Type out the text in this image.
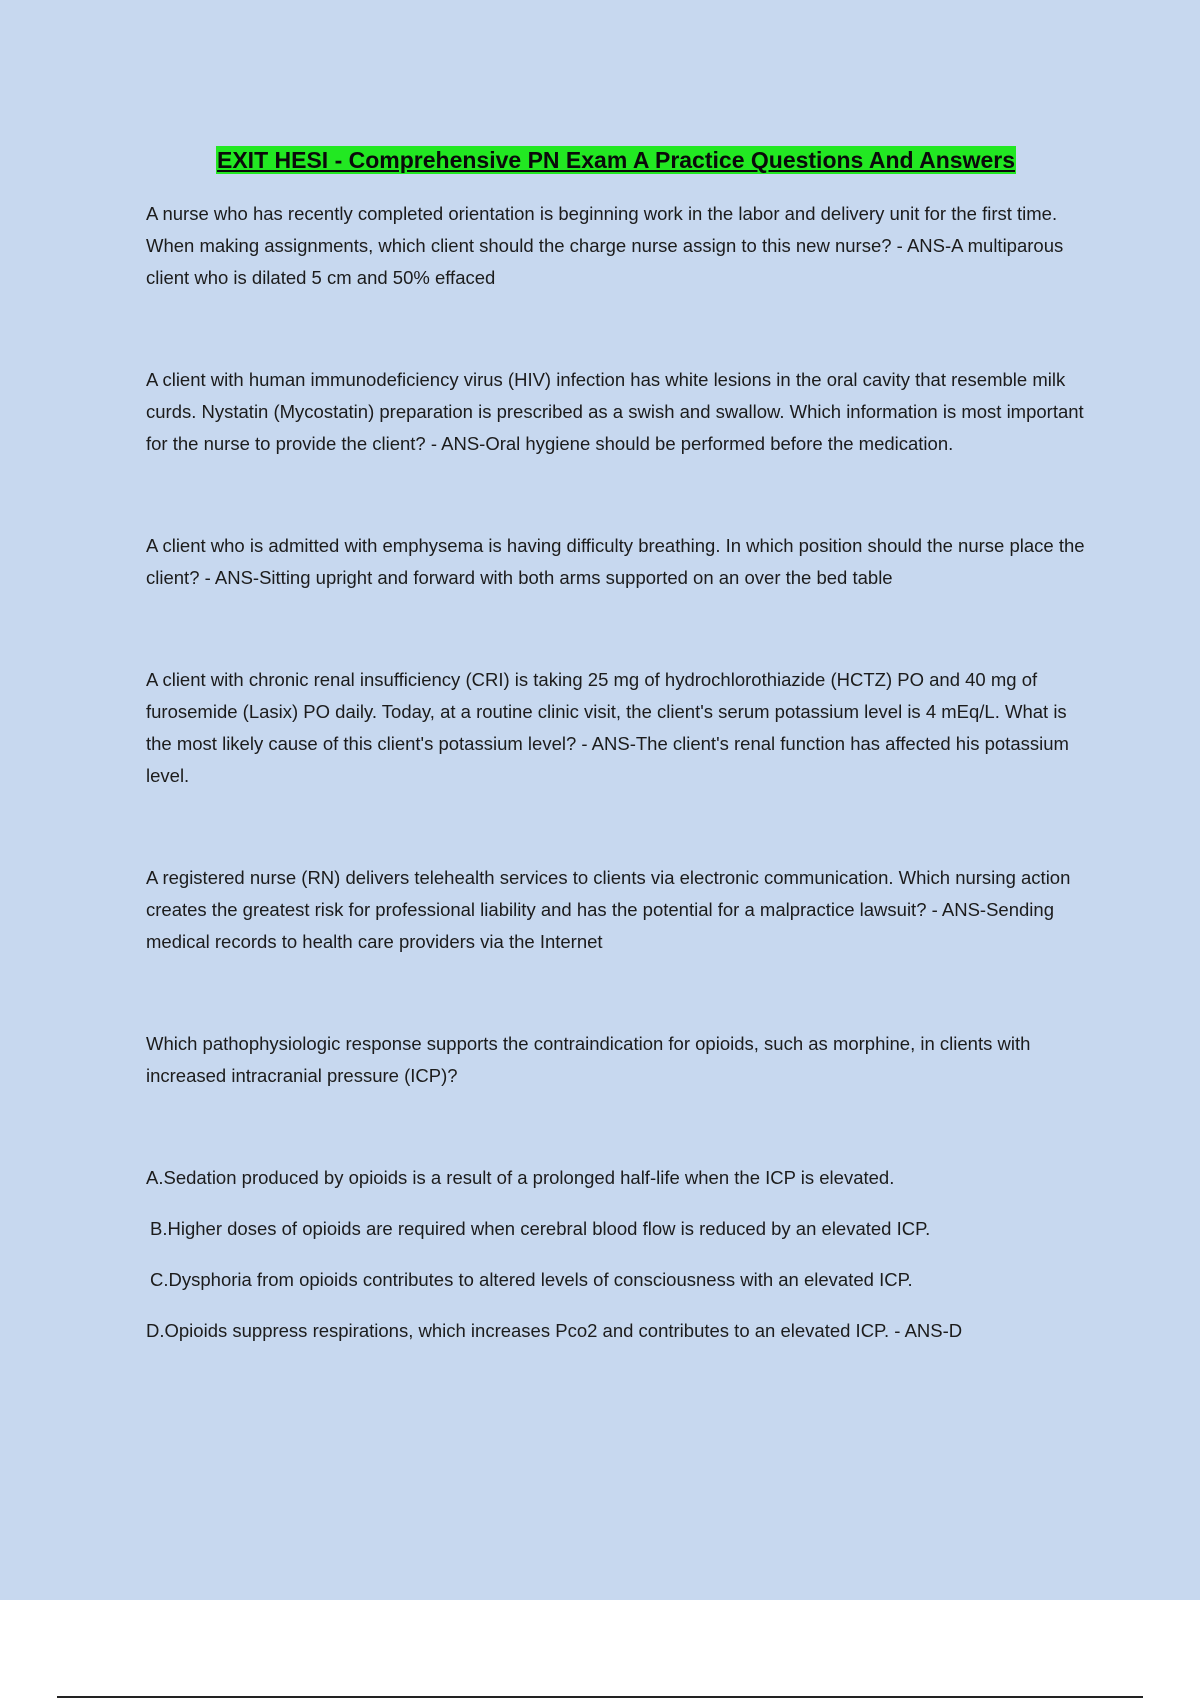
EXIT HESI - Comprehensive PN Exam A Practice Questions And Answers

A nurse who has recently completed orientation is beginning work in the labor and delivery unit for the first time. When making assignments, which client should the charge nurse assign to this new nurse? - ANS-A multiparous client who is dilated 5 cm and 50% effaced

A client with human immunodeficiency virus (HIV) infection has white lesions in the oral cavity that resemble milk curds. Nystatin (Mycostatin) preparation is prescribed as a swish and swallow. Which information is most important for the nurse to provide the client? - ANS-Oral hygiene should be performed before the medication.

A client who is admitted with emphysema is having difficulty breathing. In which position should the nurse place the client? - ANS-Sitting upright and forward with both arms supported on an over the bed table

A client with chronic renal insufficiency (CRI) is taking 25 mg of hydrochlorothiazide (HCTZ) PO and 40 mg of furosemide (Lasix) PO daily. Today, at a routine clinic visit, the client's serum potassium level is 4 mEq/L. What is the most likely cause of this client's potassium level? - ANS-The client's renal function has affected his potassium level.

A registered nurse (RN) delivers telehealth services to clients via electronic communication. Which nursing action creates the greatest risk for professional liability and has the potential for a malpractice lawsuit? - ANS-Sending medical records to health care providers via the Internet

Which pathophysiologic response supports the contraindication for opioids, such as morphine, in clients with increased intracranial pressure (ICP)?

A.Sedation produced by opioids is a result of a prolonged half-life when the ICP is elevated.

B.Higher doses of opioids are required when cerebral blood flow is reduced by an elevated ICP.

C.Dysphoria from opioids contributes to altered levels of consciousness with an elevated ICP.

D.Opioids suppress respirations, which increases Pco2 and contributes to an elevated ICP. - ANS-D
